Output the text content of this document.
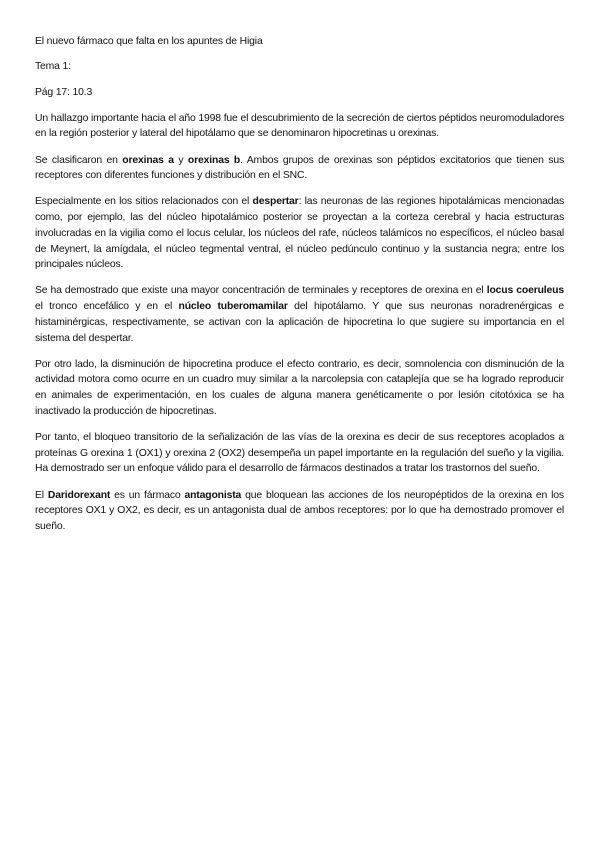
El nuevo fármaco que falta en los apuntes de Higia
Tema 1:
Pág 17: 10.3

Un hallazgo importante hacia el año 1998 fue el descubrimiento de la secreción de ciertos péptidos neuromoduladores en la región posterior y lateral del hipotálamo que se denominaron hipocretinas u orexinas.

Se clasificaron en orexinas a y orexinas b. Ambos grupos de orexinas son péptidos excitatorios que tienen sus receptores con diferentes funciones y distribución en el SNC.

Especialmente en los sitios relacionados con el despertar: las neuronas de las regiones hipotalámicas mencionadas como, por ejemplo, las del núcleo hipotalámico posterior se proyectan a la corteza cerebral y hacia estructuras involucradas en la vigilia como el locus celular, los núcleos del rafe, núcleos talámicos no específicos, el núcleo basal de Meynert, la amígdala, el núcleo tegmental ventral, el núcleo pedúnculo continuo y la sustancia negra; entre los principales núcleos.

Se ha demostrado que existe una mayor concentración de terminales y receptores de orexina en el locus coeruleus el tronco encefálico y en el núcleo tuberomamilar del hipotálamo. Y que sus neuronas noradrenérgicas e histaminérgicas, respectivamente, se activan con la aplicación de hipocretina lo que sugiere su importancia en el sistema del despertar.

Por otro lado, la disminución de hipocretina produce el efecto contrario, es decir, somnolencia con disminución de la actividad motora como ocurre en un cuadro muy similar a la narcolepsia con cataplejía que se ha logrado reproducir en animales de experimentación, en los cuales de alguna manera genéticamente o por lesión citotóxica se ha inactivado la producción de hipocretinas.

Por tanto, el bloqueo transitorio de la señalización de las vías de la orexina es decir de sus receptores acoplados a proteínas G orexina 1 (OX1) y orexina 2 (OX2) desempeña un papel importante en la regulación del sueño y la vigilia. Ha demostrado ser un enfoque válido para el desarrollo de fármacos destinados a tratar los trastornos del sueño.

El Daridorexant es un fármaco antagonista que bloquean las acciones de los neuropéptidos de la orexina en los receptores OX1 y OX2, es decir, es un antagonista dual de ambos receptores: por lo que ha demostrado promover el sueño.
